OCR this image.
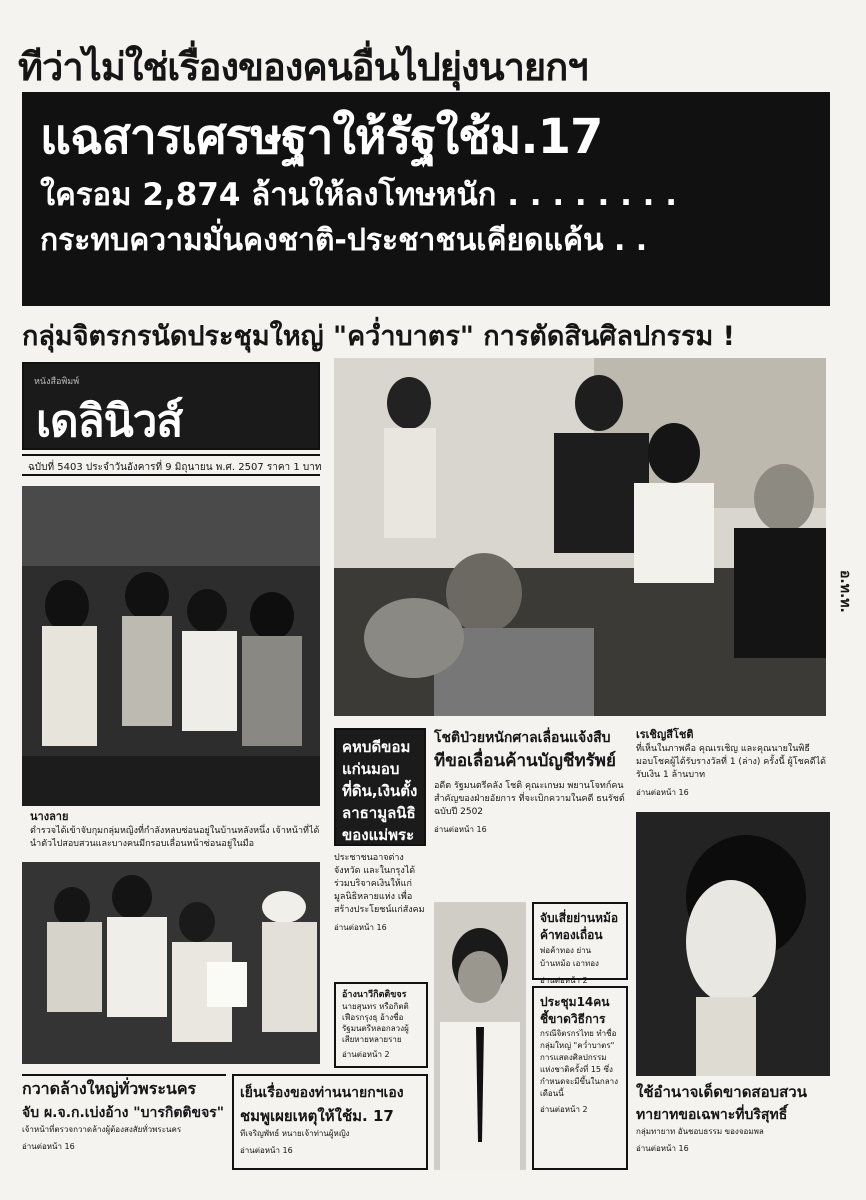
ทีว่าไม่ใช่เรื่องของคนอื่นไปยุ่งนายกฯ
แฉสารเศรษฐาให้รัฐใช้ม.17
ใครอม 2,874 ล้านให้ลงโทษหนัก . . . . . . . .
กระทบความมั่นคงชาติ-ประชาชนเคียดแค้น . .
กลุ่มจิตรกรนัดประชุมใหญ่ "คว่ำบาตร" การตัดสินศิลปกรรม !
หนังสือพิมพ์
เดลินิวส์
ฉบับที่ 5403 ประจำวันอังคารที่ 9 มิถุนายน พ.ศ. 2507 ราคา 1 บาท
นางลาย
ตำรวจได้เข้าจับกุมกลุ่มหญิงที่กำลังหลบซ่อนอยู่ในบ้านหลังหนึ่ง เจ้าหน้าที่ได้นำตัวไปสอบสวนและบางคนมีกรอบเลื่อนหน้าซ่อนอยู่ในมือ
คหบดีขอมแก่นมอบที่ดิน,เงินตั้งลาธามูลนิธิของแม่พระ
ประชาชนอาจต่างจังหวัด และในกรุงได้ร่วมบริจาคเงินให้แก่มูลนิธิหลายแห่ง เพื่อสร้างประโยชน์แก่สังคม
อ่านต่อหน้า 16
อ้างนาวีกิตติขจร
นายสุนทร หรือกิตติ เฟือรกรุงธุ อ้างชื่อรัฐมนตรีหลอกลวงผู้เสียหายหลายราย
อ่านต่อหน้า 2
โชติป่วยหนักศาลเลื่อนแจ้งสืบ
ทีขอเลื่อนค้านบัญชีทรัพย์
อดีต รัฐมนตรีคลัง โชติ คุณะเกษม พยานโจทก์คนสำคัญของฝ่ายอัยการ ที่จะเบิกความในคดี ธนรัชต์ ฉบับปี 2502
อ่านต่อหน้า 16
จับเสี่ยย่านหม้อค้าทองเถื่อน
พ่อค้าทอง ย่านบ้านหม้อ เอาทอง
อ่านต่อหน้า 2
ประชุม14คนชี้ขาดวิธีการ
กรณีจิตรกรไทย ทำชื่อกลุ่มใหญ่ "คว่ำบาตร" การแสดงศิลปกรรมแห่งชาติครั้งที่ 15 ซึ่งกำหนดจะมีขึ้นในกลางเดือนนี้
อ่านต่อหน้า 2
เรเชิญสีโชติ
ที่เห็นในภาพคือ คุณเรเชิญ และคุณนายในพิธีมอบโชคผู้ได้รับรางวัลที่ 1 (ล่าง) ครั้งนี้ ผู้โชคดีได้รับเงิน 1 ล้านบาท
อ่านต่อหน้า 16
อ.ท.ท.
กวาดล้างใหญ่ทั่วพระนคร
จับ ผ.จ.ก.เบ่งอ้าง "บารกิตติขจร"
เจ้าหน้าที่ตรวจกวาดล้างผู้ต้องสงสัยทั่วพระนคร
อ่านต่อหน้า 16
เย็นเรื่องของท่านนายกฯเอง
ชมพูเผยเหตุให้ใช้ม. 17
ทีเจริญพัทธ์ หนายเจ้าท่านผู้หญิง
อ่านต่อหน้า 16
ใช้อำนาจเด็ดขาดสอบสวน
ทายาทขอเฉพาะที่บริสุทธิ์
กลุ่มทายาท อันชอบธรรม ของจอมพล
อ่านต่อหน้า 16
